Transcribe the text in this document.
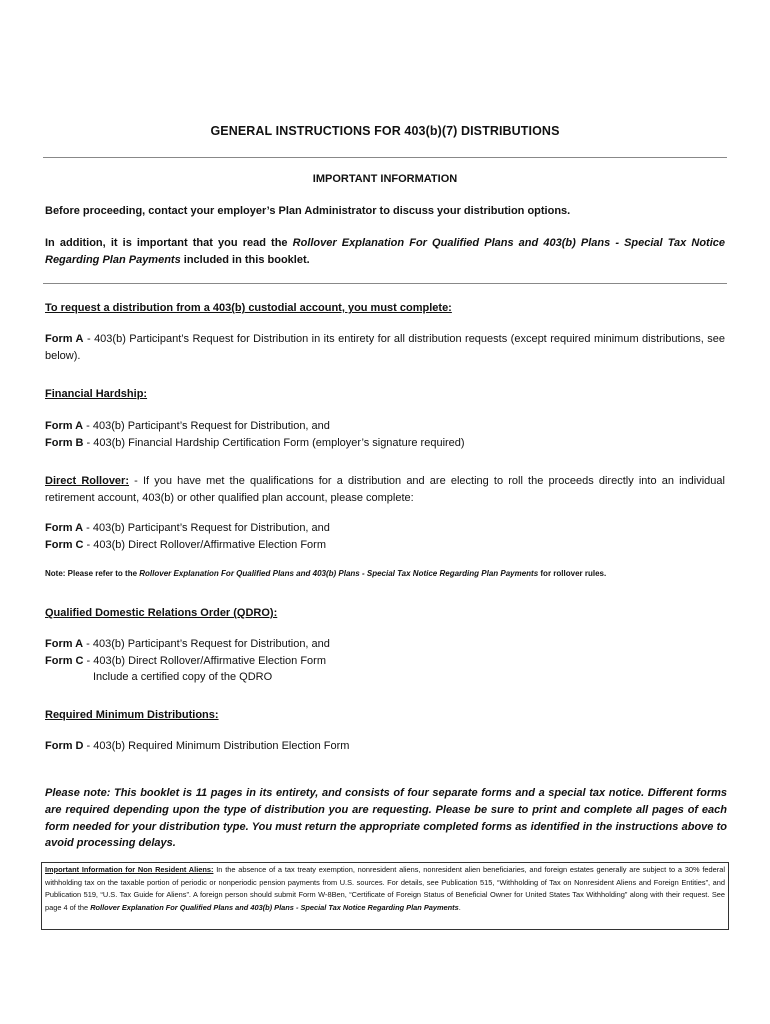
GENERAL INSTRUCTIONS FOR 403(b)(7) DISTRIBUTIONS
IMPORTANT INFORMATION
Before proceeding, contact your employer’s Plan Administrator to discuss your distribution options.
In addition, it is important that you read the Rollover Explanation For Qualified Plans and 403(b) Plans - Special Tax Notice Regarding Plan Payments included in this booklet.
To request a distribution from a 403(b) custodial account, you must complete:
Form A - 403(b) Participant’s Request for Distribution in its entirety for all distribution requests (except required minimum distributions, see below).
Financial Hardship:
Form A - 403(b) Participant’s Request for Distribution, and
Form B - 403(b) Financial Hardship Certification Form (employer’s signature required)
Direct Rollover: - If you have met the qualifications for a distribution and are electing to roll the proceeds directly into an individual retirement account, 403(b) or other qualified plan account, please complete:
Form A - 403(b) Participant’s Request for Distribution, and
Form C - 403(b) Direct Rollover/Affirmative Election Form
Note: Please refer to the Rollover Explanation For Qualified Plans and 403(b) Plans - Special Tax Notice Regarding Plan Payments for rollover rules.
Qualified Domestic Relations Order (QDRO):
Form A - 403(b) Participant’s Request for Distribution, and
Form C - 403(b) Direct Rollover/Affirmative Election Form
Include a certified copy of the QDRO
Required Minimum Distributions:
Form D - 403(b) Required Minimum Distribution Election Form
Please note: This booklet is 11 pages in its entirety, and consists of four separate forms and a special tax notice. Different forms are required depending upon the type of distribution you are requesting. Please be sure to print and complete all pages of each form needed for your distribution type. You must return the appropriate completed forms as identified in the instructions above to avoid processing delays.
Important Information for Non Resident Aliens: In the absence of a tax treaty exemption, nonresident aliens, nonresident alien beneficiaries, and foreign estates generally are subject to a 30% federal withholding tax on the taxable portion of periodic or nonperiodic pension payments from U.S. sources. For details, see Publication 515, “Withholding of Tax on Nonresident Aliens and Foreign Entities”, and Publication 519, “U.S. Tax Guide for Aliens”. A foreign person should submit Form W-8Ben, “Certificate of Foreign Status of Beneficial Owner for United States Tax Withholding” along with their request. See page 4 of the Rollover Explanation For Qualified Plans and 403(b) Plans - Special Tax Notice Regarding Plan Payments.
